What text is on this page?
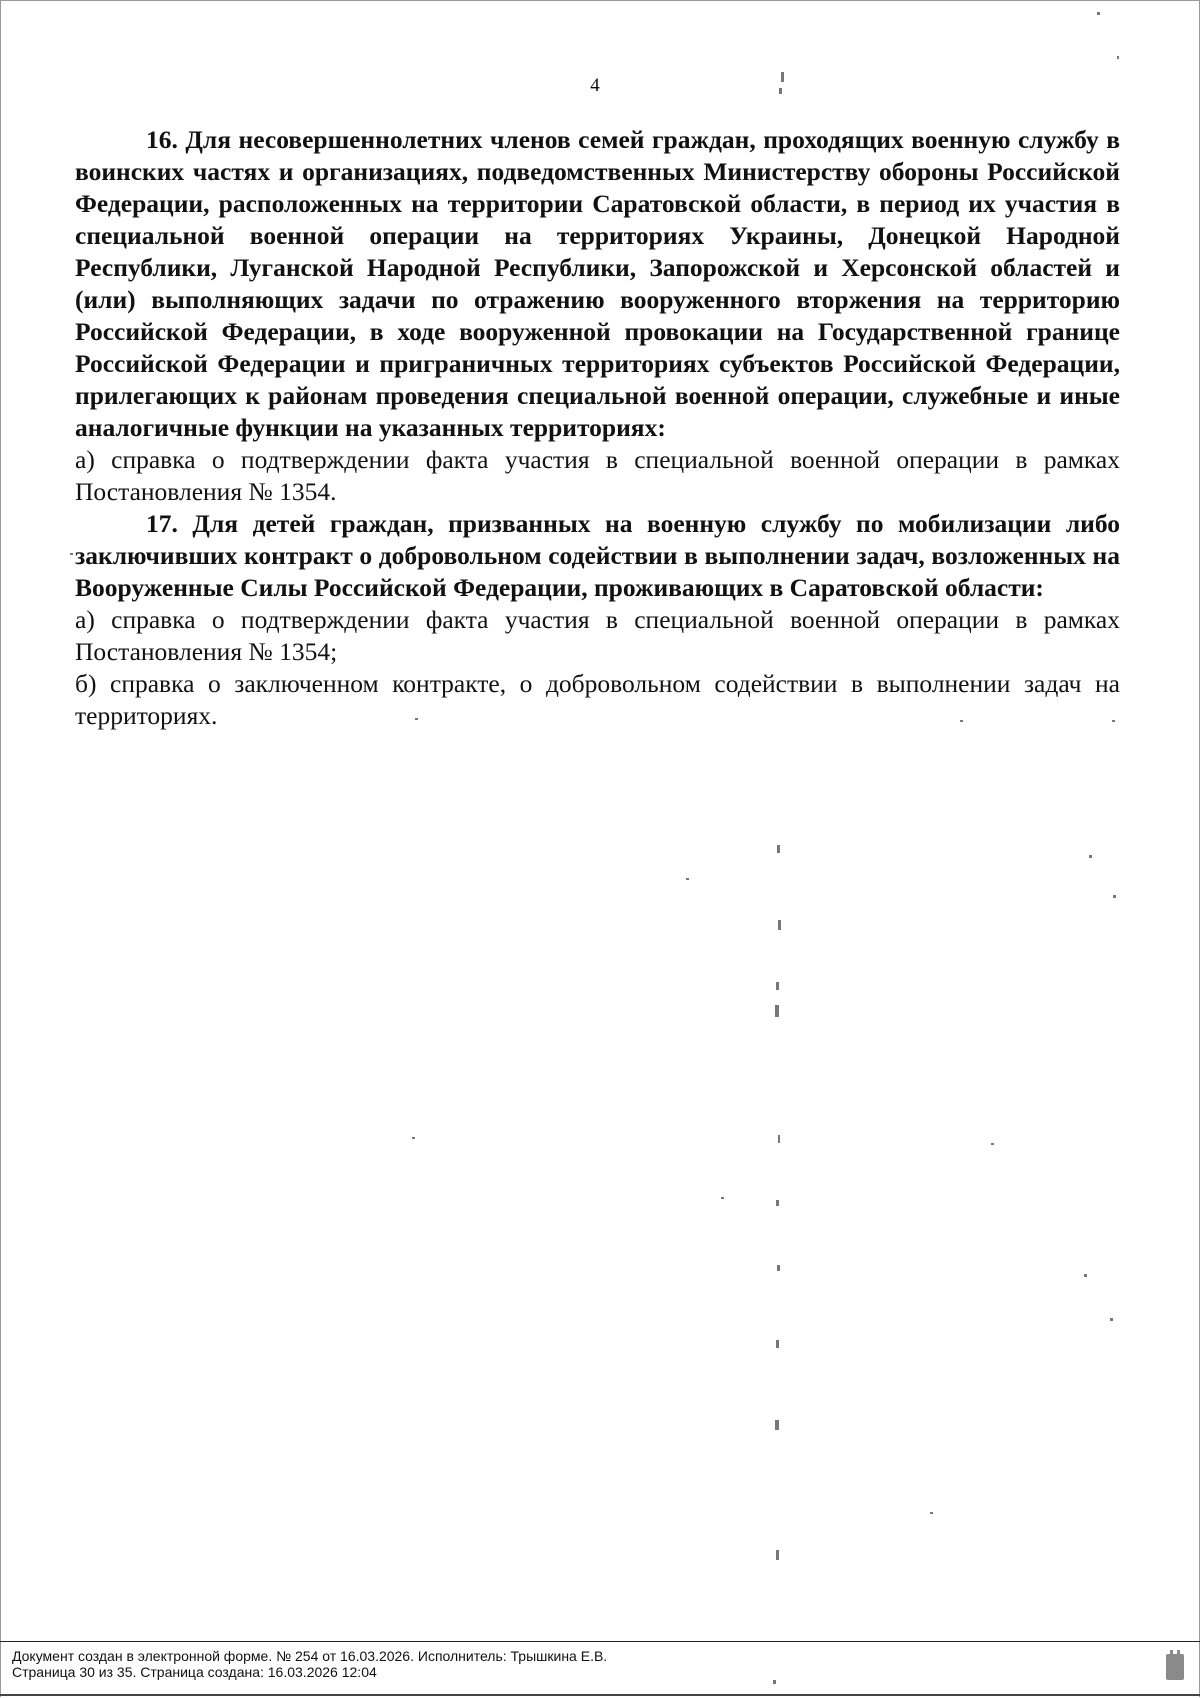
4

16. Для несовершеннолетних членов семей граждан, проходящих военную службу в воинских частях и организациях, подведомственных Министерству обороны Российской Федерации, расположенных на территории Саратовской области, в период их участия в специальной военной операции на территориях Украины, Донецкой Народной Республики, Луганской Народной Республики, Запорожской и Херсонской областей и (или) выполняющих задачи по отражению вооруженного вторжения на территорию Российской Федерации, в ходе вооруженной провокации на Государственной границе Российской Федерации и приграничных территориях субъектов Российской Федерации, прилегающих к районам проведения специальной военной операции, служебные и иные аналогичные функции на указанных территориях:

а) справка о подтверждении факта участия в специальной военной операции в рамках Постановления № 1354.

17. Для детей граждан, призванных на военную службу по мобилизации либо заключивших контракт о добровольном содействии в выполнении задач, возложенных на Вооруженные Силы Российской Федерации, проживающих в Саратовской области:

а) справка о подтверждении факта участия в специальной военной операции в рамках Постановления № 1354;

б) справка о заключенном контракте, о добровольном содействии в выполнении задач на территориях.

Документ создан в электронной форме. № 254 от 16.03.2026. Исполнитель: Трышкина Е.В.
Страница 30 из 35. Страница создана: 16.03.2026 12:04
